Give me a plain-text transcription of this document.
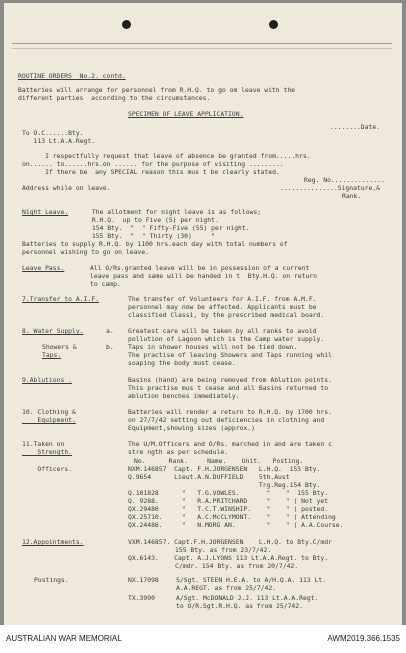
ROUTINE ORDERS  No.2. contd.
Batteries will arrange for personnel from R.H.Q. to go om leave with the
different parties  according to the circumstances.
SPECIMEN OF LEAVE APPLICATION.
........Date.
To O.C......Bty.
113 Lt.A.A.Regt.
I respectfully request that leave of absence be granted from.....hrs.
on...... to......hrs.on ...... for the purpose of visiting .........
If there be  any SPECIAL reason this mus t be clearly stated.
Reg. No..............
Address while on leave.	...............Signature,&
Rank.
Night Leave.	The allotment for night leave is as follows;
R.H.Q.  up to Five (5) per night.
154 Bty.  "  " Fifty-Five (55) per night.
155 Bty.  "  " Thirty (30)     "
Batteries to supply R.H.Q. by 1100 hrs.each day with total numbers of
personnel wishing to go on leave.
Leave Pass.	All O/Rs.granted leave will be in possession of a current
leave pass and same will be handed in t  Bty.H.Q. on return
to camp.
7.Transfer to A.I.F.	The transfer of Volunteers for A.I.F. from A.M.F.
personnel may now be affected. Applicants must be
classified Class1, by the prescribed medical board.
8. Water Supply.	a. Greatest care will be taken by all ranks to avoid
pollution of Lagoon which is the Camp water supply.
Showers &	b. Taps in shower houses will not be tied down.
Taps.	The practise of leaving Showers and Taps running whil
soaping the body must cease.
9.Ablutions .	Basins (hand) are being removed from Ablution points.
This practise mus t cease and all Basins returned to
ablution benches immediately.
10. Clothing &	Batteries will render a return to R.H.Q. by 1700 hrs.
Equipment.	on 27/7/42 setting out deficiencies in clothing and
Equipment,showing sizes (approx.)
11.Taken on	The U/M.Officers and O/Rs. marched in and are taken c
Strength.	stre ngth as per schedule.
No.      Rank.     Name.    Unit.   Posting.
Officers.	NXM.146857  Capt. F.H.JORGENSEN   L.H.Q.  155 Bty.
Q.9654      Lieut.A.N.DUFFIELD    5th.Aust
Trg.Reg.154 Bty.
Q.101828      "   T.G.VOWLES.       "    "  155 Bty.
Q. 9288.      "   R.A.PRITCHARD     "    " ( Not yet
QX.29480      "   T.C.T.WINSHIP.    "    " ( posted.
QX.25710.     "   A.C.McCLYMONT.    "    " ( Attending
QX.24486.     "   N.MORG AN.        "    " ( A.A.Course.
12.Appointments.	VXM.146857. Capt.F.H.JORGENSEN    L.H.Q. to Bty.C/mdr
155 Bty. as from 23/7/42.
QX.6143.    Capt. A.J.LYONS 113 Lt.A.A.Regt. to Bty.
C/mdr. 154 Bty. as from 20/7/42.
Postings.	NX.17098	S/Sgt. STEEN H.E.A. to A/H.Q.A. 113 Lt.
A.A.REGT. as from 25/7/42.
TX.3990	A/Sgt. McDONALD J.J. 113 Lt.A.A.Regt.
to O/R.Sgt.R.H.Q. as from 25/742.
AUSTRALIAN WAR MEMORIAL	AWM2019.366.1535
